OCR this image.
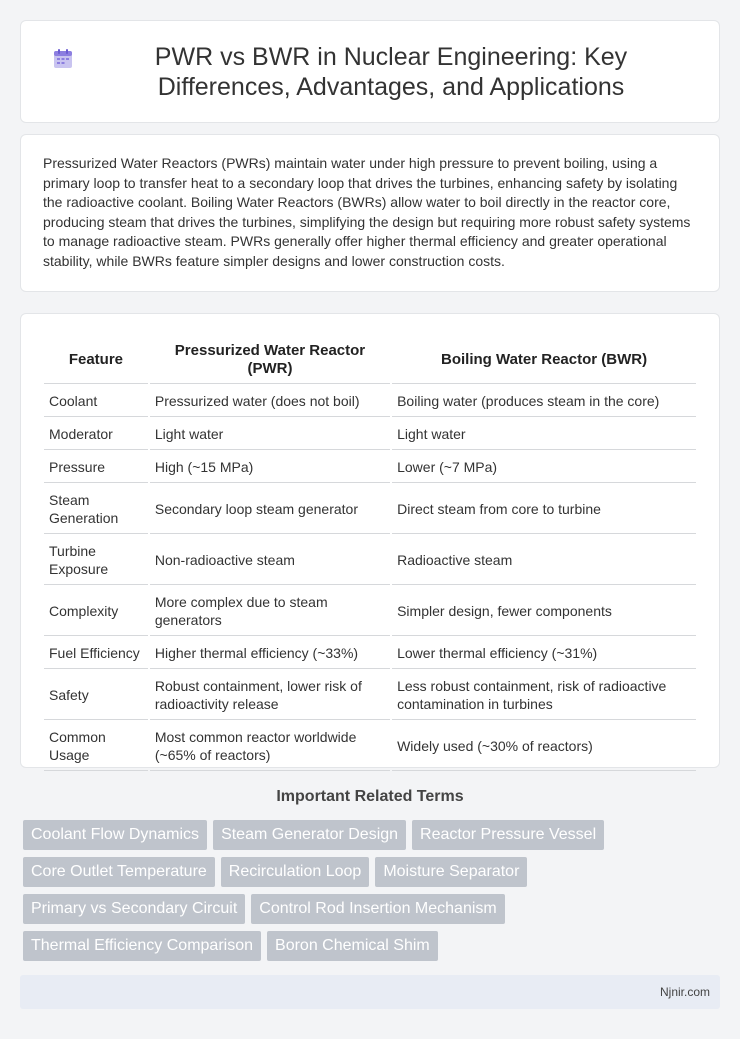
PWR vs BWR in Nuclear Engineering: Key Differences, Advantages, and Applications

Pressurized Water Reactors (PWRs) maintain water under high pressure to prevent boiling, using a primary loop to transfer heat to a secondary loop that drives the turbines, enhancing safety by isolating the radioactive coolant. Boiling Water Reactors (BWRs) allow water to boil directly in the reactor core, producing steam that drives the turbines, simplifying the design but requiring more robust safety systems to manage radioactive steam. PWRs generally offer higher thermal efficiency and greater operational stability, while BWRs feature simpler designs and lower construction costs.

Feature	Pressurized Water Reactor (PWR)	Boiling Water Reactor (BWR)
Coolant	Pressurized water (does not boil)	Boiling water (produces steam in the core)
Moderator	Light water	Light water
Pressure	High (~15 MPa)	Lower (~7 MPa)
Steam Generation	Secondary loop steam generator	Direct steam from core to turbine
Turbine Exposure	Non-radioactive steam	Radioactive steam
Complexity	More complex due to steam generators	Simpler design, fewer components
Fuel Efficiency	Higher thermal efficiency (~33%)	Lower thermal efficiency (~31%)
Safety	Robust containment, lower risk of radioactivity release	Less robust containment, risk of radioactive contamination in turbines
Common Usage	Most common reactor worldwide (~65% of reactors)	Widely used (~30% of reactors)
Important Related Terms
Coolant Flow Dynamics	Steam Generator Design	Reactor Pressure Vessel
Core Outlet Temperature	Recirculation Loop	Moisture Separator
Primary vs Secondary Circuit	Control Rod Insertion Mechanism
Thermal Efficiency Comparison	Boron Chemical Shim
Njnir.com
